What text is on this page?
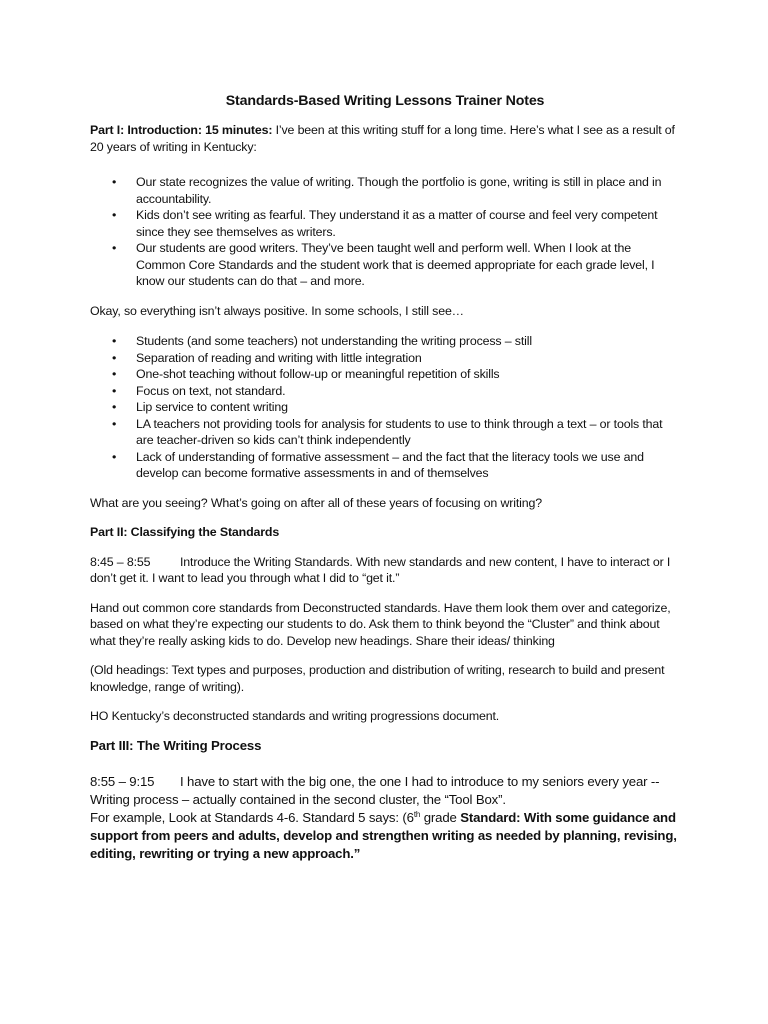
Standards-Based Writing Lessons Trainer Notes

Part I: Introduction: 15 minutes: I’ve been at this writing stuff for a long time. Here’s what I see as a result of 20 years of writing in Kentucky:

• Our state recognizes the value of writing. Though the portfolio is gone, writing is still in place and in accountability.
• Kids don’t see writing as fearful. They understand it as a matter of course and feel very competent since they see themselves as writers.
• Our students are good writers. They’ve been taught well and perform well. When I look at the Common Core Standards and the student work that is deemed appropriate for each grade level, I know our students can do that – and more.

Okay, so everything isn’t always positive. In some schools, I still see…

• Students (and some teachers) not understanding the writing process – still
• Separation of reading and writing with little integration
• One-shot teaching without follow-up or meaningful repetition of skills
• Focus on text, not standard.
• Lip service to content writing
• LA teachers not providing tools for analysis for students to use to think through a text – or tools that are teacher-driven so kids can’t think independently
• Lack of understanding of formative assessment – and the fact that the literacy tools we use and develop can become formative assessments in and of themselves

What are you seeing? What’s going on after all of these years of focusing on writing?

Part II: Classifying the Standards

8:45 – 8:55 Introduce the Writing Standards. With new standards and new content, I have to interact or I don’t get it. I want to lead you through what I did to “get it.”

Hand out common core standards from Deconstructed standards. Have them look them over and categorize, based on what they’re expecting our students to do. Ask them to think beyond the “Cluster” and think about what they’re really asking kids to do. Develop new headings. Share their ideas/ thinking

(Old headings: Text types and purposes, production and distribution of writing, research to build and present knowledge, range of writing).

HO Kentucky’s deconstructed standards and writing progressions document.

Part III: The Writing Process

8:55 – 9:15 I have to start with the big one, the one I had to introduce to my seniors every year -- Writing process – actually contained in the second cluster, the “Tool Box”.
For example, Look at Standards 4-6. Standard 5 says: (6th grade Standard: With some guidance and support from peers and adults, develop and strengthen writing as needed by planning, revising, editing, rewriting or trying a new approach.”
